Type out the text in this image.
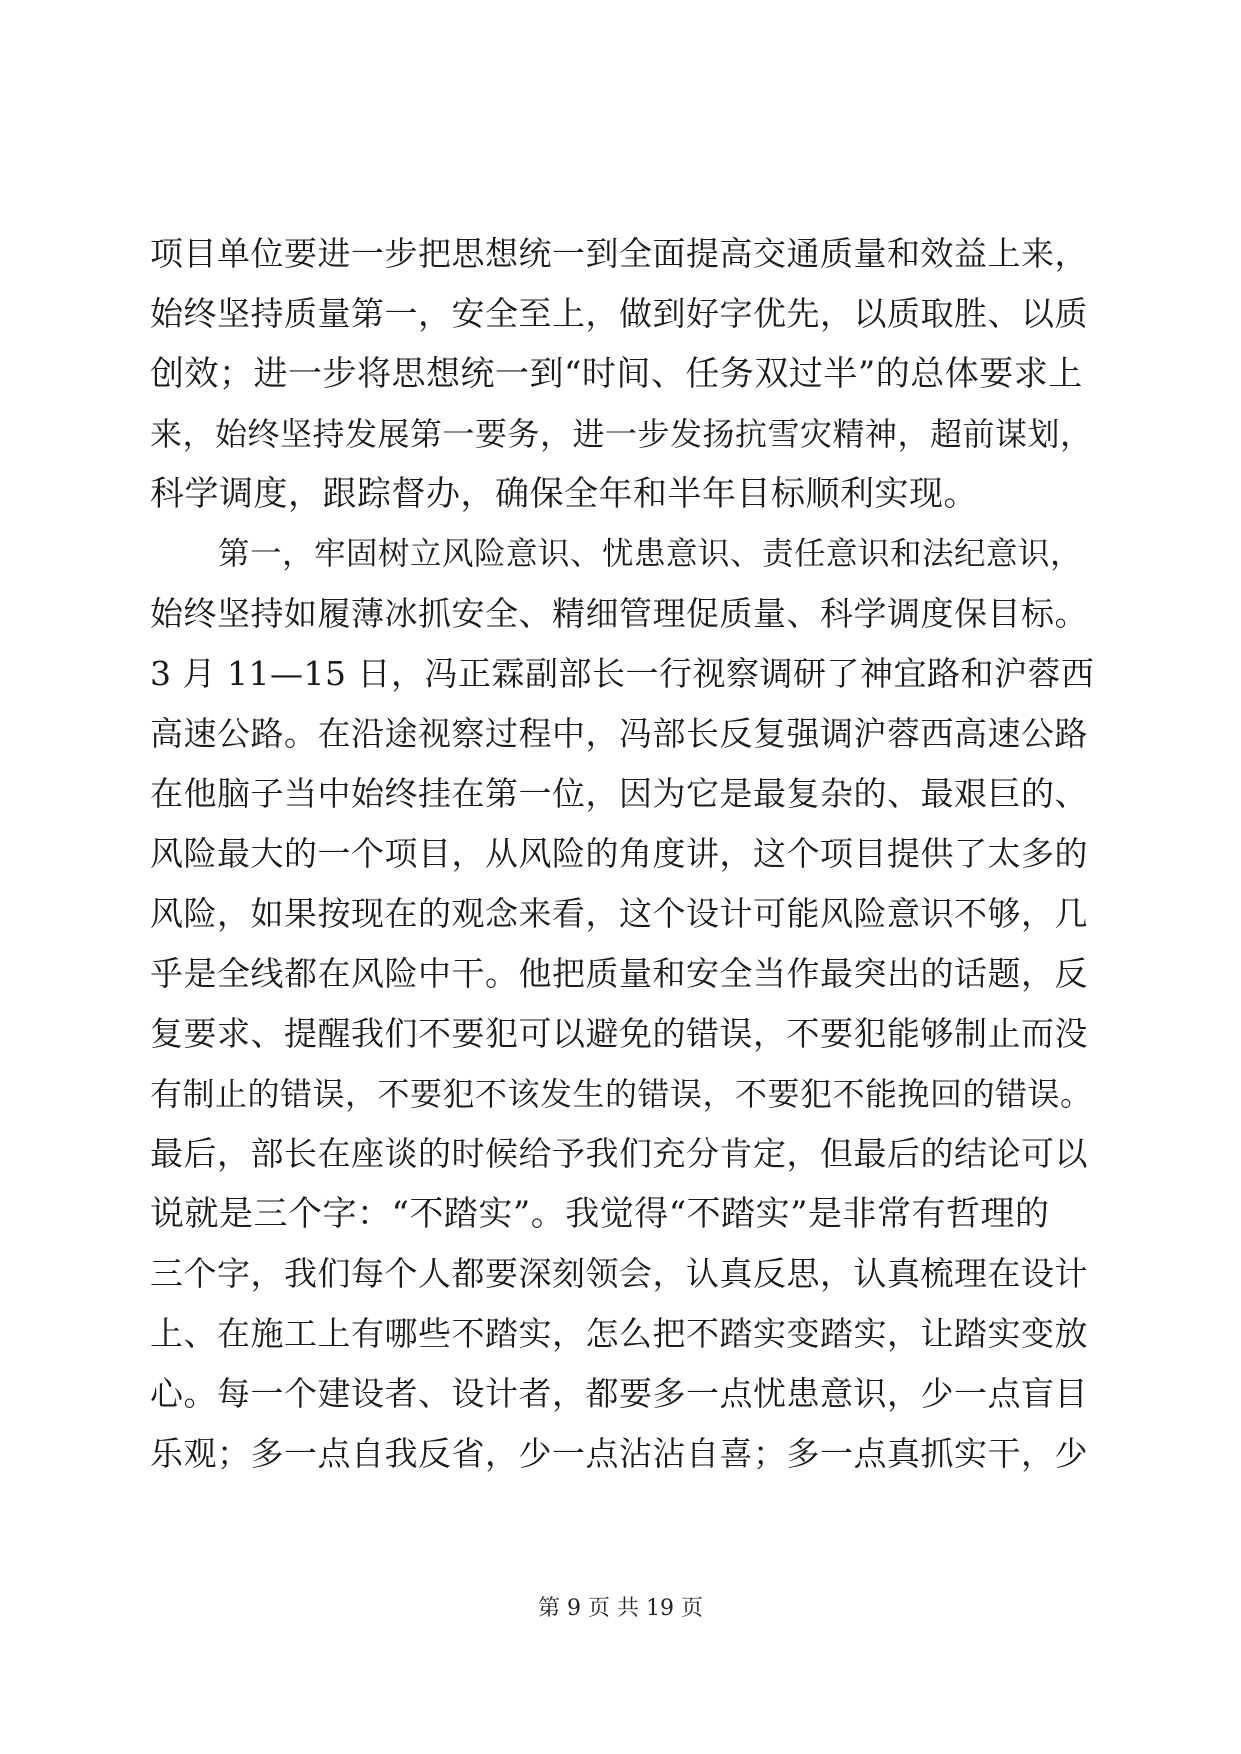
项目单位要进一步把思想统一到全面提高交通质量和效益上来，
始终坚持质量第一，安全至上，做到好字优先，以质取胜、以质
创效；进一步将思想统一到“时间、任务双过半”的总体要求上
来，始终坚持发展第一要务，进一步发扬抗雪灾精神，超前谋划，
科学调度，跟踪督办，确保全年和半年目标顺利实现。
第一，牢固树立风险意识、忧患意识、责任意识和法纪意识，
始终坚持如履薄冰抓安全、精细管理促质量、科学调度保目标。
3 月 11—15 日，冯正霖副部长一行视察调研了神宜路和沪蓉西
高速公路。在沿途视察过程中，冯部长反复强调沪蓉西高速公路
在他脑子当中始终挂在第一位，因为它是最复杂的、最艰巨的、
风险最大的一个项目，从风险的角度讲，这个项目提供了太多的
风险，如果按现在的观念来看，这个设计可能风险意识不够，几
乎是全线都在风险中干。他把质量和安全当作最突出的话题，反
复要求、提醒我们不要犯可以避免的错误，不要犯能够制止而没
有制止的错误，不要犯不该发生的错误，不要犯不能挽回的错误。
最后，部长在座谈的时候给予我们充分肯定，但最后的结论可以
说就是三个字：“不踏实”。我觉得“不踏实”是非常有哲理的
三个字，我们每个人都要深刻领会，认真反思，认真梳理在设计
上、在施工上有哪些不踏实，怎么把不踏实变踏实，让踏实变放
心。每一个建设者、设计者，都要多一点忧患意识，少一点盲目
乐观；多一点自我反省，少一点沾沾自喜；多一点真抓实干，少
第 9 页 共 19 页
